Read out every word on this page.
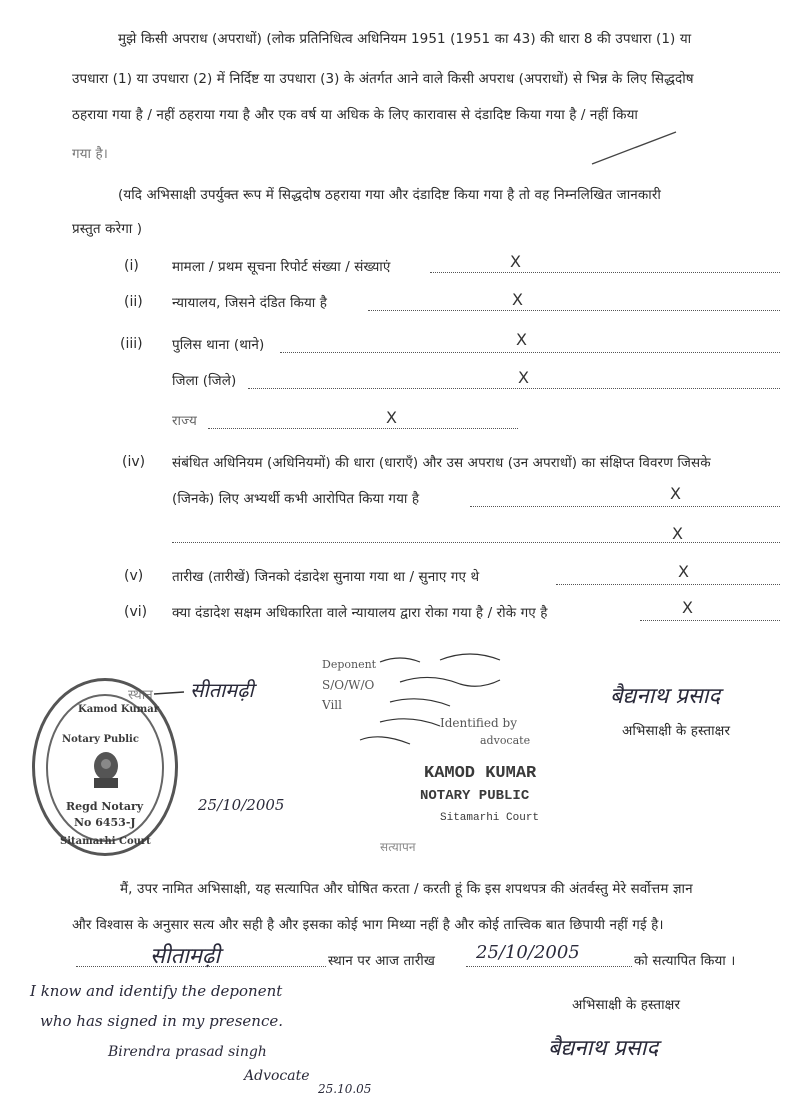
मुझे किसी अपराध (अपराधों) (लोक प्रतिनिधित्व अधिनियम 1951 (1951 का 43) की धारा 8 की उपधारा (1) या
उपधारा (1) या उपधारा (2) में निर्दिष्ट या उपधारा (3) के अंतर्गत आने वाले किसी अपराध (अपराधों) से भिन्न के लिए सिद्धदोष
ठहराया गया है / नहीं ठहराया गया है और एक वर्ष या अधिक के लिए कारावास से दंडादिष्ट किया गया है / नहीं किया
गया है।
(यदि अभिसाक्षी उपर्युक्त रूप में सिद्धदोष ठहराया गया और दंडादिष्ट किया गया है तो वह निम्नलिखित जानकारी
प्रस्तुत करेगा )
(i) मामला / प्रथम सूचना रिपोर्ट संख्या / संख्याएं	X
(ii) न्यायालय, जिसने दंडित किया है	X
(iii) पुलिस थाना (थाने)	X
जिला (जिले)	X
राज्य	X
(iv) संबंधित अधिनियम (अधिनियमों) की धारा (धाराएँ) और उस अपराध (उन अपराधों) का संक्षिप्त विवरण जिसके
(जिनके) लिए अभ्यर्थी कभी आरोपित किया गया है	X
X
(v) तारीख (तारीखें) जिनको दंडादेश सुनाया गया था / सुनाए गए थे	X
(vi) क्या दंडादेश सक्षम अधिकारिता वाले न्यायालय द्वारा रोका गया है / रोके गए है	X
स्थान सीतामढ़ी
Deponent
S/O/W/O
Vill
Identified by
advocate
Kamod Kumar
Notary Public
Regd Notary
No 6453-J
Sitamarhi Court
25/10/2005
KAMOD KUMAR
NOTARY PUBLIC
Sitamarhi Court
बैद्यनाथ प्रसाद
अभिसाक्षी के हस्ताक्षर
सत्यापन
मैं, उपर नामित अभिसाक्षी, यह सत्यापित और घोषित करता / करती हूं कि इस शपथपत्र की अंतर्वस्तु मेरे सर्वोत्तम ज्ञान
और विश्वास के अनुसार सत्य और सही है और इसका कोई भाग मिथ्या नहीं है और कोई तात्त्विक बात छिपायी नहीं गई है।
सीतामढ़ी	स्थान पर आज तारीख 25/10/2005	को सत्यापित किया ।
अभिसाक्षी के हस्ताक्षर
बैद्यनाथ प्रसाद
I know and identify the deponent
who has signed in my presence.
Birendra prasad singh
Advocate
25.10.05
